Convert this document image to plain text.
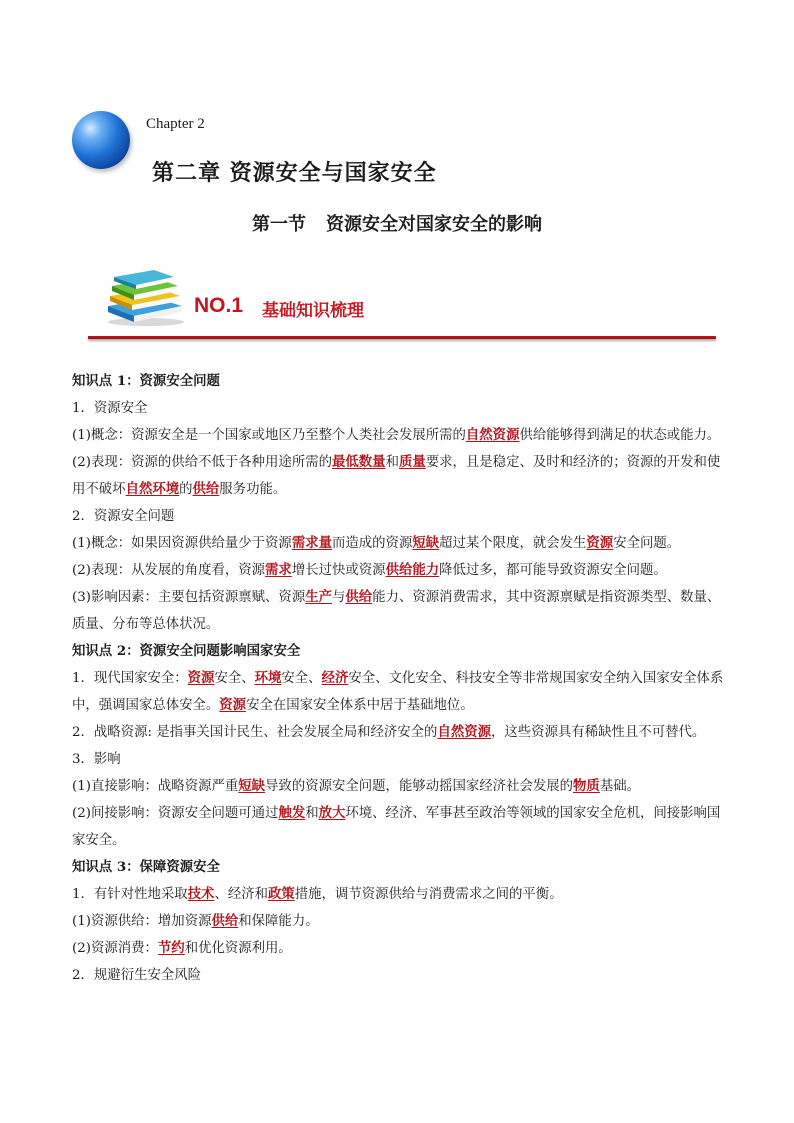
Chapter 2
第二章 资源安全与国家安全
第一节 资源安全对国家安全的影响
NO.1 基础知识梳理

知识点 1：资源安全问题

1．资源安全

(1)概念：资源安全是一个国家或地区乃至整个人类社会发展所需的自然资源供给能够得到满足的状态或能力。

(2)表现：资源的供给不低于各种用途所需的最低数量和质量要求，且是稳定、及时和经济的；资源的开发和使用不破坏自然环境的供给服务功能。

2．资源安全问题

(1)概念：如果因资源供给量少于资源需求量而造成的资源短缺超过某个限度，就会发生资源安全问题。

(2)表现：从发展的角度看，资源需求增长过快或资源供给能力降低过多，都可能导致资源安全问题。

(3)影响因素：主要包括资源禀赋、资源生产与供给能力、资源消费需求，其中资源禀赋是指资源类型、数量、质量、分布等总体状况。

知识点 2：资源安全问题影响国家安全

1．现代国家安全：资源安全、环境安全、经济安全、文化安全、科技安全等非常规国家安全纳入国家安全体系中，强调国家总体安全。资源安全在国家安全体系中居于基础地位。

2．战略资源: 是指事关国计民生、社会发展全局和经济安全的自然资源，这些资源具有稀缺性且不可替代。

3．影响

(1)直接影响：战略资源严重短缺导致的资源安全问题，能够动摇国家经济社会发展的物质基础。

(2)间接影响：资源安全问题可通过触发和放大环境、经济、军事甚至政治等领域的国家安全危机，间接影响国家安全。

知识点 3：保障资源安全

1．有针对性地采取技术、经济和政策措施，调节资源供给与消费需求之间的平衡。

(1)资源供给：增加资源供给和保障能力。

(2)资源消费：节约和优化资源利用。

2．规避衍生安全风险
